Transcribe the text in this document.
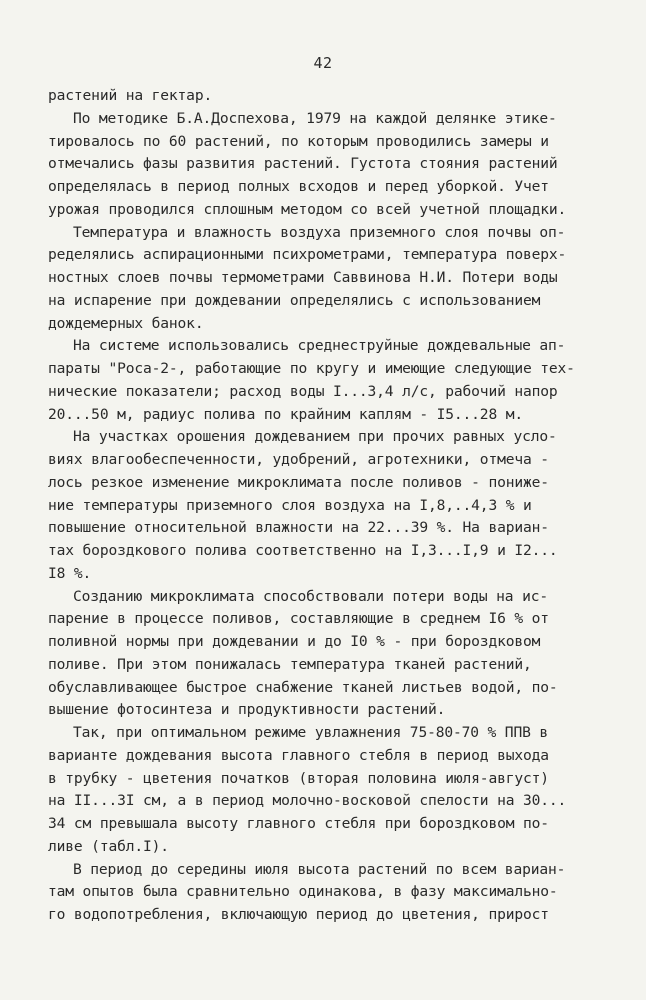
42
растений на гектар.
По методике Б.А.Доспехова, 1979 на каждой делянке этике-
тировалось по 60 растений, по которым проводились замеры и
отмечались фазы развития растений. Густота стояния растений
определялась в период полных всходов и перед уборкой. Учет
урожая проводился сплошным методом со всей учетной площадки.
Температура и влажность воздуха приземного слоя почвы оп-
ределялись аспирационными психрометрами, температура поверх-
ностных слоев почвы термометрами Саввинова Н.И. Потери воды
на испарение при дождевании определялись с использованием
дождемерных банок.
На системе использовались среднеструйные дождевальные ап-
параты "Роса-2-, работающие по кругу и имеющие следующие тех-
нические показатели; расход воды I...3,4 л/с, рабочий напор
20...50 м, радиус полива по крайним каплям - I5...28 м.
На участках орошения дождеванием при прочих равных усло-
виях влагообеспеченности, удобрений, агротехники, отмеча -
лось резкое изменение микроклимата после поливов - пониже-
ние температуры приземного слоя воздуха на I,8,..4,3 % и
повышение относительной влажности на 22...39 %. На вариан-
тах бороздкового полива соответственно на I,3...I,9 и I2...
I8 %.
Созданию микроклимата способствовали потери воды на ис-
парение в процессе поливов, составляющие в среднем I6 % от
поливной нормы при дождевании и до I0 % - при бороздковом
поливе. При этом понижалась температура тканей растений,
обуславливающее быстрое снабжение тканей листьев водой, по-
вышение фотосинтеза и продуктивности растений.
Так, при оптимальном режиме увлажнения 75-80-70 % ППВ в
варианте дождевания высота главного стебля в период выхода
в трубку - цветения початков (вторая половина июля-август)
на II...3I см, а в период молочно-восковой спелости на 30...
34 см превышала высоту главного стебля при бороздковом по-
ливе (табл.I).
В период до середины июля высота растений по всем вариан-
там опытов была сравнительно одинакова, в фазу максимально-
го водопотребления, включающую период до цветения, прирост
